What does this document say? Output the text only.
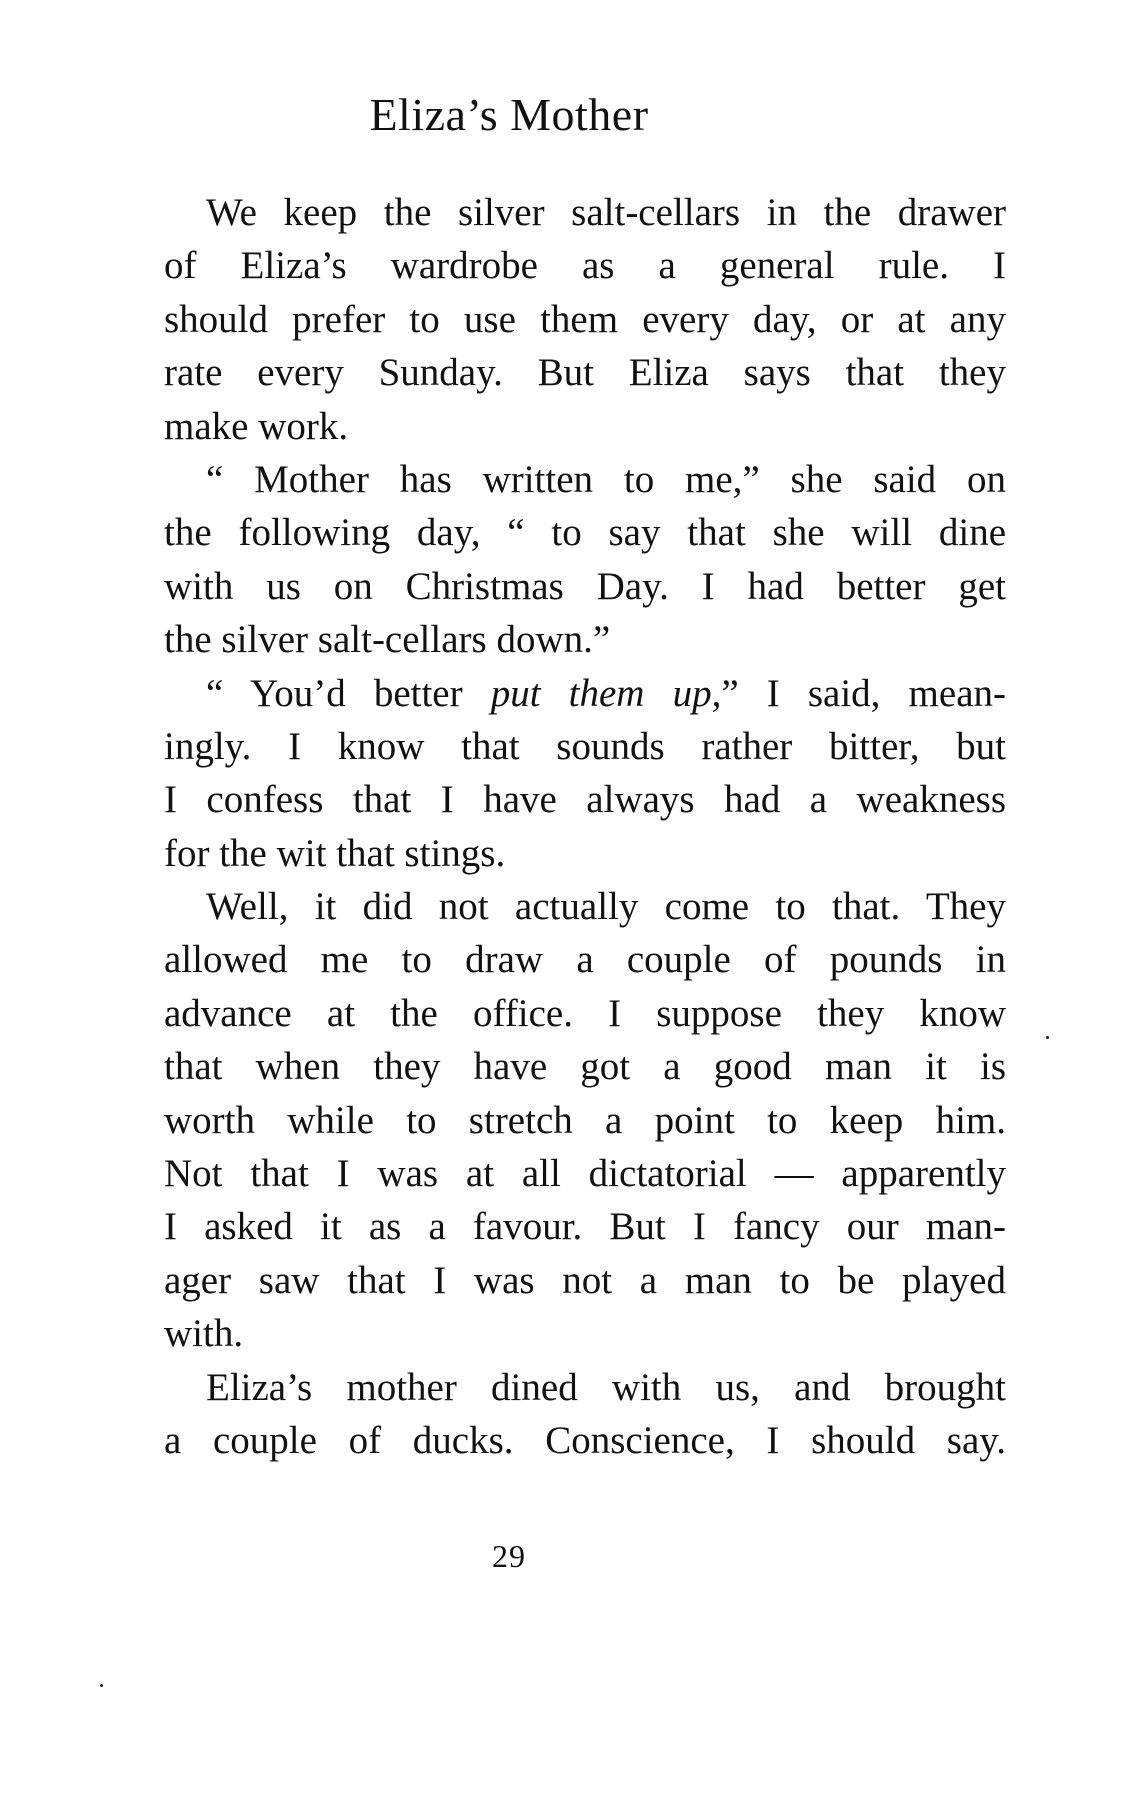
Eliza’s Mother
We keep the silver salt-cellars in the drawer
of Eliza’s wardrobe as a general rule. I
should prefer to use them every day, or at any
rate every Sunday. But Eliza says that they
make work.
“ Mother has written to me,” she said on
the following day, “ to say that she will dine
with us on Christmas Day. I had better get
the silver salt-cellars down.”
“ You’d better put them up,” I said, mean-
ingly. I know that sounds rather bitter, but
I confess that I have always had a weakness
for the wit that stings.
Well, it did not actually come to that. They
allowed me to draw a couple of pounds in
advance at the office. I suppose they know
that when they have got a good man it is
worth while to stretch a point to keep him.
Not that I was at all dictatorial — apparently
I asked it as a favour. But I fancy our man-
ager saw that I was not a man to be played
with.
Eliza’s mother dined with us, and brought
a couple of ducks. Conscience, I should say.
29
